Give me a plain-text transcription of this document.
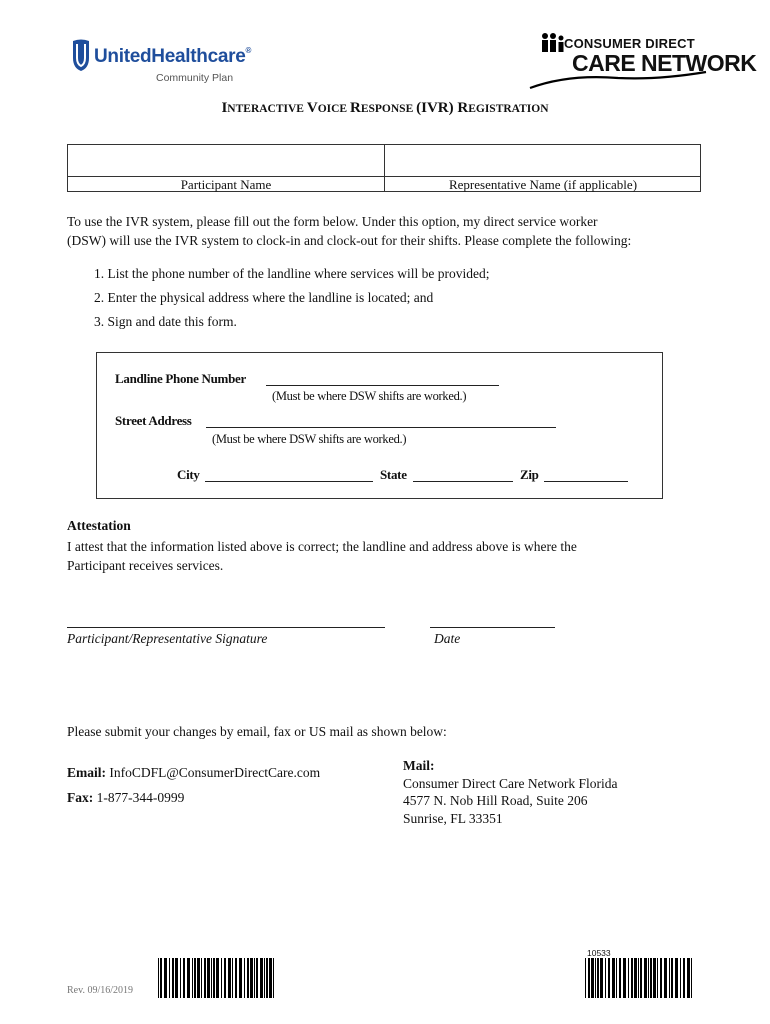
UnitedHealthcare®
Community Plan
CONSUMER DIRECT
CARE NETWORK
INTERACTIVE VOICE RESPONSE (IVR) REGISTRATION
Participant Name	Representative Name (if applicable)
To use the IVR system, please fill out the form below. Under this option, my direct service worker
(DSW) will use the IVR system to clock-in and clock-out for their shifts. Please complete the following:
1. List the phone number of the landline where services will be provided;
2. Enter the physical address where the landline is located; and
3. Sign and date this form.
Landline Phone Number
(Must be where DSW shifts are worked.)
Street Address
(Must be where DSW shifts are worked.)
City	State	Zip
Attestation
I attest that the information listed above is correct; the landline and address above is where the
Participant receives services.
Participant/Representative Signature	Date
Please submit your changes by email, fax or US mail as shown below:
Email: InfoCDFL@ConsumerDirectCare.com
Fax: 1-877-344-0999
Mail:
Consumer Direct Care Network Florida
4577 N. Nob Hill Road, Suite 206
Sunrise, FL 33351
Rev. 09/16/2019
10533
